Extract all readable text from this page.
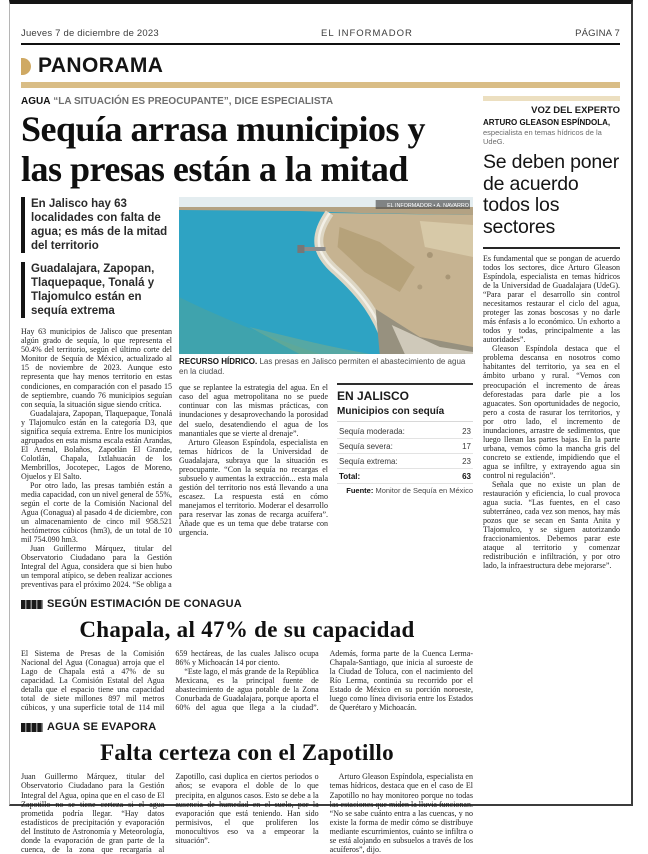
Jueves 7 de diciembre de 2023	EL INFORMADOR	PÁGINA 7
PANORAMA
AGUA “LA SITUACIÓN ES PREOCUPANTE”, DICE ESPECIALISTA
Sequía arrasa municipios y las presas están a la mitad

En Jalisco hay 63 localidades con falta de agua; es más de la mitad del territorio

Guadalajara, Zapopan, Tlaquepaque, Tonalá y Tlajomulco están en sequía extrema

Hay 63 municipios de Jalisco que presentan algún grado de sequía, lo que representa el 50.4% del territorio, según el último corte del Monitor de Sequía de México, actualizado al 15 de noviembre de 2023. Aunque esto representa que hay menos territorio en estas condiciones, en comparación con el pasado 15 de septiembre, cuando 76 municipios seguían con sequía, la situación sigue siendo crítica.

Guadalajara, Zapopan, Tlaquepaque, Tonalá y Tlajomulco están en la categoría D3, que significa sequía extrema. Entre los municipios agrupados en esta misma escala están Arandas, El Arenal, Bolaños, Zapotlán El Grande, Colotlán, Chapala, Ixtlahuacán de los Membrillos, Jocotepec, Lagos de Moreno, Ojuelos y El Salto.

Por otro lado, las presas también están a media capacidad, con un nivel general de 55%, según el corte de la Comisión Nacional del Agua (Conagua) al pasado 4 de diciembre, con un almacenamiento de cinco mil 958.521 hectómetros cúbicos (hm3), de un total de 10 mil 754.090 hm3.

Juan Guillermo Márquez, titular del Observatorio Ciudadano para la Gestión Integral del Agua, considera que si bien hubo un temporal atípico, se deben realizar acciones preventivas para el próximo 2024. “Se obliga a

EL INFORMADOR • A. NAVARRO

RECURSO HÍDRICO. Las presas en Jalisco permiten el abastecimiento de agua en la ciudad.

que se replantee la estrategia del agua. En el caso del agua metropolitana no se puede continuar con las mismas prácticas, con inundaciones y desaprovechando la porosidad del suelo, desatendiendo el agua de los manantiales que se vierte al drenaje”.

Arturo Gleason Espíndola, especialista en temas hídricos de la Universidad de Guadalajara, subraya que la situación es preocupante. “Con la sequía no recargas el subsuelo y aumentas la extracción... esta mala gestión del territorio nos está llevando a una escasez. La respuesta está en cómo manejamos el territorio. Moderar el desarrollo para reservar las zonas de recarga acuífera”. Añade que es un tema que debe tratarse con urgencia.

EN JALISCO
Municipios con sequía
Sequía moderada:	23
Sequía severa:	17
Sequía extrema:	23
Total:	63
Fuente: Monitor de Sequía en México
SEGÚN ESTIMACIÓN DE CONAGUA
Chapala, al 47% de su capacidad

El Sistema de Presas de la Comisión Nacional del Agua (Conagua) arroja que el Lago de Chapala está a 47% de su capacidad. La Comisión Estatal del Agua detalla que el espacio tiene una capacidad total de siete millones 897 mil metros cúbicos, y una superficie total de 114 mil 659 hectáreas, de las cuales Jalisco ocupa 86% y Michoacán 14 por ciento.

“Este lago, el más grande de la República Mexicana, es la principal fuente de abastecimiento de agua potable de la Zona Conurbada de Guadalajara, porque aporta el 60% del agua que llega a la ciudad”. Además, forma parte de la Cuenca Lerma-Chapala-Santiago, que inicia al suroeste de la Ciudad de Toluca, con el nacimiento del Río Lerma, continúa su recorrido por el Estado de México en su porción noroeste, luego como línea divisoria entre los Estados de Querétaro y Michoacán.

AGUA SE EVAPORA
Falta certeza con el Zapotillo

Juan Guillermo Márquez, titular del Observatorio Ciudadano para la Gestión Integral del Agua, opina que en el caso de El Zapotillo no se tiene certeza si el agua prometida podría llegar. “Hay datos estadísticos de precipitación y evaporación del Instituto de Astronomía y Meteorología, donde la evaporación de gran parte de la cuenca, de la zona que recargaría al Zapotillo, casi duplica en ciertos periodos o años; se evapora el doble de lo que precipita, en algunos casos. Esto se debe a la ausencia de humedad en el suelo, por la evaporación que está teniendo. Han sido permisivos, el que proliferen los monocultivos eso va a empeorar la situación”.

Arturo Gleason Espíndola, especialista en temas hídricos, destaca que en el caso de El Zapotillo no hay monitoreo porque no todas las estaciones que miden la lluvia funcionan. “No se sabe cuánto entra a las cuencas, y no existe la forma de medir cómo se distribuye mediante escurrimientos, cuánto se infiltra o se está alojando en subsuelos a través de los acuíferos”, dijo.

VOZ DEL EXPERTO
ARTURO GLEASON ESPÍNDOLA, especialista en temas hídricos de la UdeG.
Se deben poner de acuerdo todos los sectores

Es fundamental que se pongan de acuerdo todos los sectores, dice Arturo Gleason Espíndola, especialista en temas hídricos de la Universidad de Guadalajara (UdeG). “Para parar el desarrollo sin control necesitamos restaurar el ciclo del agua, proteger las zonas boscosas y no darle más énfasis a lo económico. Un exhorto a todos y todas, principalmente a las autoridades”.

Gleason Espíndola destaca que el problema descansa en nosotros como habitantes del territorio, ya sea en el ámbito urbano y rural. “Vemos con preocupación el incremento de áreas deforestadas para darle pie a los aguacates. Son oportunidades de negocio, pero a costa de rasurar los territorios, y por otro lado, el incremento de inundaciones, arrastre de sedimentos, que luego llenan las partes bajas. En la parte urbana, vemos cómo la mancha gris del concreto se extiende, impidiendo que el agua se infiltre, y extrayendo agua sin control ni regulación”.

Señala que no existe un plan de restauración y eficiencia, lo cual provoca agua sucia. “Las fuentes, en el caso subterráneo, cada vez son menos, hay más pozos que se secan en Santa Anita y Tlajomulco, y se siguen autorizando fraccionamientos. Debemos parar este ataque al territorio y comenzar redistribución e infiltración, y por otro lado, la infraestructura debe mejorarse”.
